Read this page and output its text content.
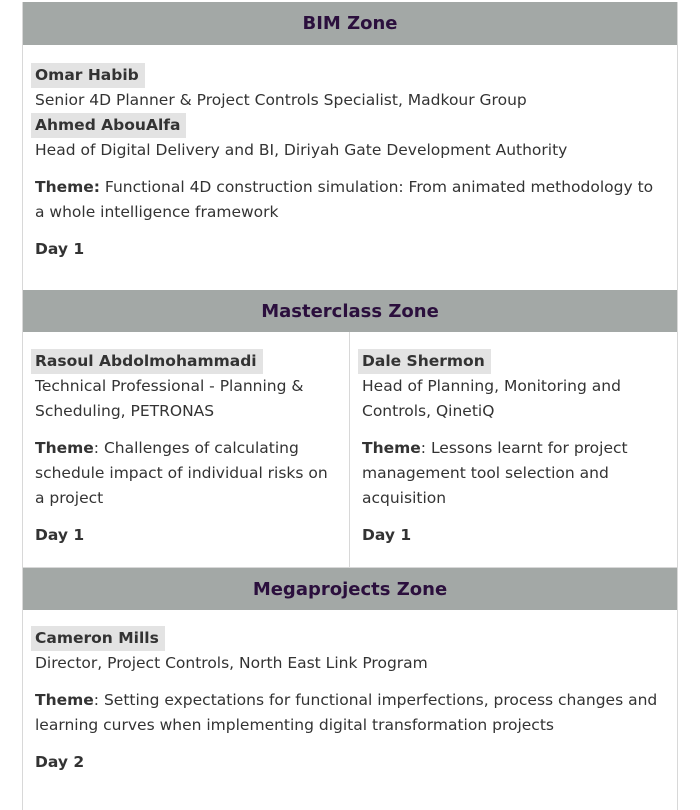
BIM Zone
Omar Habib
Senior 4D Planner & Project Controls Specialist, Madkour Group
Ahmed AbouAlfa
Head of Digital Delivery and BI, Diriyah Gate Development Authority
Theme: Functional 4D construction simulation: From animated methodology to a whole intelligence framework
Day 1
Masterclass Zone
Rasoul Abdolmohammadi
Technical Professional - Planning &
Scheduling, PETRONAS
Theme: Challenges of calculating schedule impact of individual risks on a project
Day 1
Dale Shermon
Head of Planning, Monitoring and
Controls, QinetiQ
Theme: Lessons learnt for project management tool selection and acquisition
Day 1
Megaprojects Zone
Cameron Mills
Director, Project Controls, North East Link Program
Theme: Setting expectations for functional imperfections, process changes and learning curves when implementing digital transformation projects
Day 2
